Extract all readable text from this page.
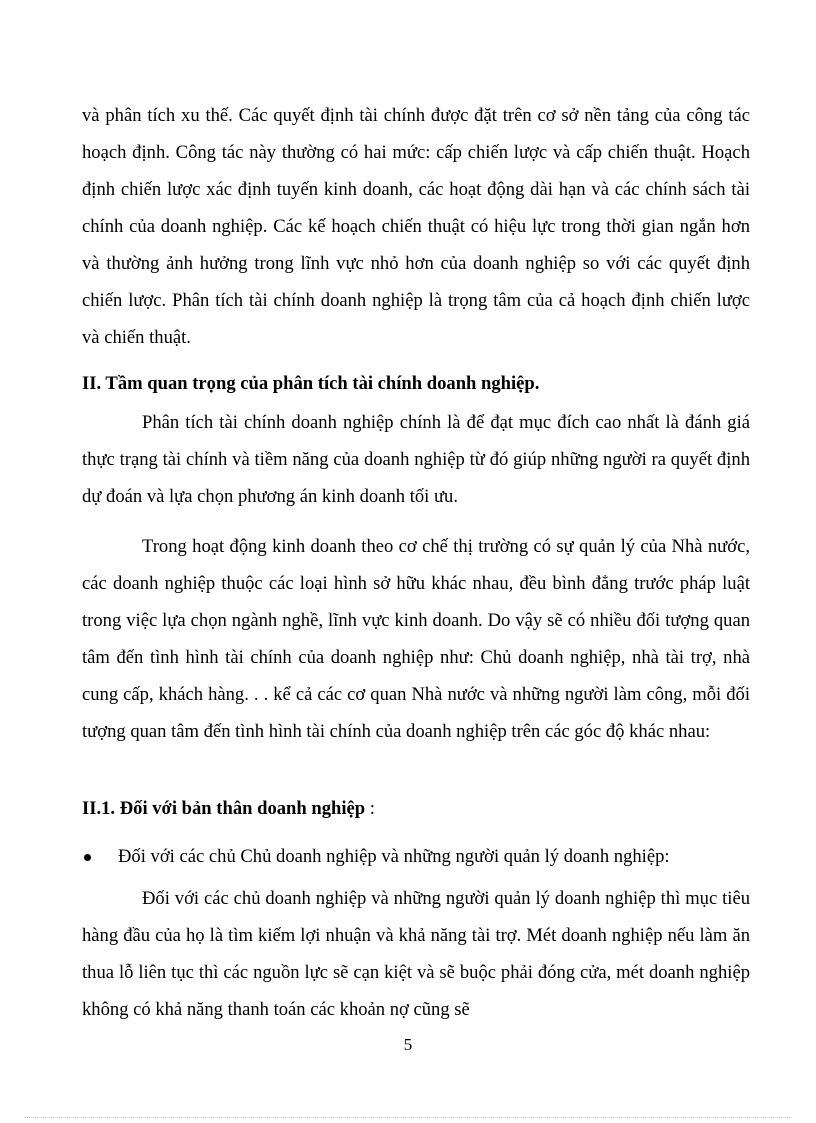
và phân tích xu thế. Các quyết định tài chính được đặt trên cơ sở nền tảng của công tác hoạch định. Công tác này thường có hai mức: cấp chiến lược và cấp chiến thuật. Hoạch định chiến lược xác định tuyến kinh doanh, các hoạt động dài hạn và các chính sách tài chính của doanh nghiệp. Các kế hoạch chiến thuật có hiệu lực trong thời gian ngắn hơn và thường ảnh hưởng trong lĩnh vực nhỏ hơn của doanh nghiệp so với các quyết định chiến lược. Phân tích tài chính doanh nghiệp là trọng tâm của cả hoạch định chiến lược và chiến thuật.
II. Tầm quan trọng của phân tích tài chính doanh nghiệp.
Phân tích tài chính doanh nghiệp chính là để đạt mục đích cao nhất là đánh giá thực trạng tài chính và tiềm năng của doanh nghiệp từ đó giúp những người ra quyết định dự đoán và lựa chọn phương án kinh doanh tối ưu.
Trong hoạt động kinh doanh theo cơ chế thị trường có sự quản lý của Nhà nước, các doanh nghiệp thuộc các loại hình sở hữu khác nhau, đều bình đẳng trước pháp luật trong việc lựa chọn ngành nghề, lĩnh vực kinh doanh. Do vậy sẽ có nhiều đối tượng quan tâm đến tình hình tài chính của doanh nghiệp như: Chủ doanh nghiệp, nhà tài trợ, nhà cung cấp, khách hàng. . . kể cả các cơ quan Nhà nước và những người làm công, mỗi đối tượng quan tâm đến tình hình tài chính của doanh nghiệp trên các góc độ khác nhau:
II.1. Đối với bản thân doanh nghiệp :
Đối với các chủ Chủ doanh nghiệp và những người quản lý doanh nghiệp:
Đối với các chủ doanh nghiệp và những người quản lý doanh nghiệp thì mục tiêu hàng đầu của họ là tìm kiếm lợi nhuận và khả năng tài trợ. Mét doanh nghiệp nếu làm ăn thua lỗ liên tục thì các nguồn lực sẽ cạn kiệt và sẽ buộc phải đóng cửa, mét doanh nghiệp không có khả năng thanh toán các khoản nợ cũng sẽ
5
